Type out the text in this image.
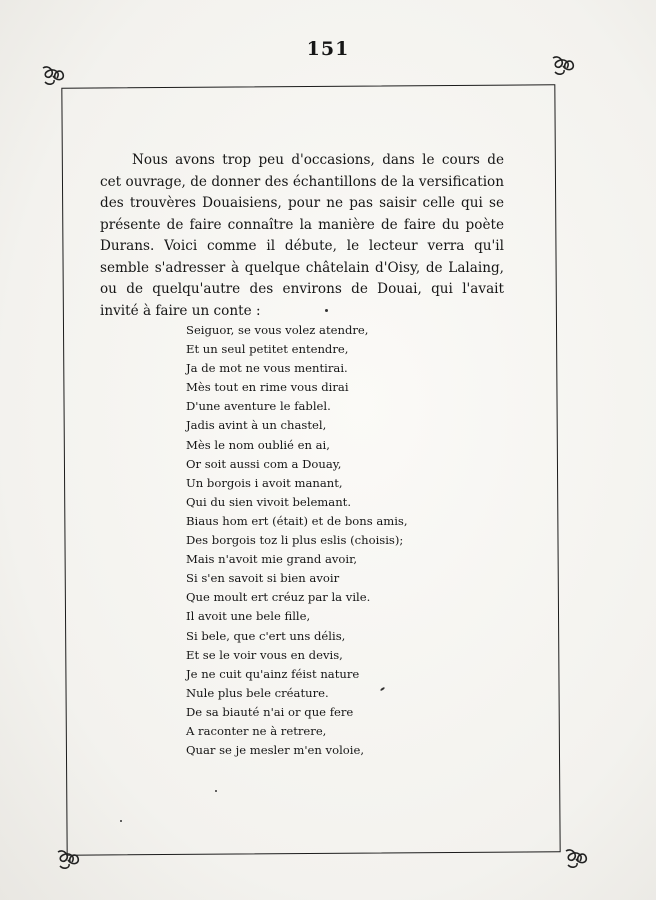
151
Nous avons trop peu d'occasions, dans le cours de cet ouvrage, de donner des échantillons de la versification des trouvères Douaisiens, pour ne pas saisir celle qui se présente de faire connaître la manière de faire du poète Durans. Voici comme il débute, le lecteur verra qu'il semble s'adresser à quelque châtelain d'Oisy, de Lalaing, ou de quelqu'autre des environs de Douai, qui l'avait invité à faire un conte :
Seiguor, se vous volez atendre,
Et un seul petitet entendre,
Ja de mot ne vous mentirai.
Mès tout en rime vous dirai
D'une aventure le fablel.
Jadis avint à un chastel,
Mès le nom oublié en ai,
Or soit aussi com a Douay,
Un borgois i avoit manant,
Qui du sien vivoit belemant.
Biaus hom ert (était) et de bons amis,
Des borgois toz li plus eslis (choisis);
Mais n'avoit mie grand avoir,
Si s'en savoit si bien avoir
Que moult ert créuz par la vile.
Il avoit une bele fille,
Si bele, que c'ert uns délis,
Et se le voir vous en devis,
Je ne cuit qu'ainz féist nature
Nule plus bele créature.
De sa biauté n'ai or que fere
A raconter ne à retrere,
Quar se je mesler m'en voloie,
